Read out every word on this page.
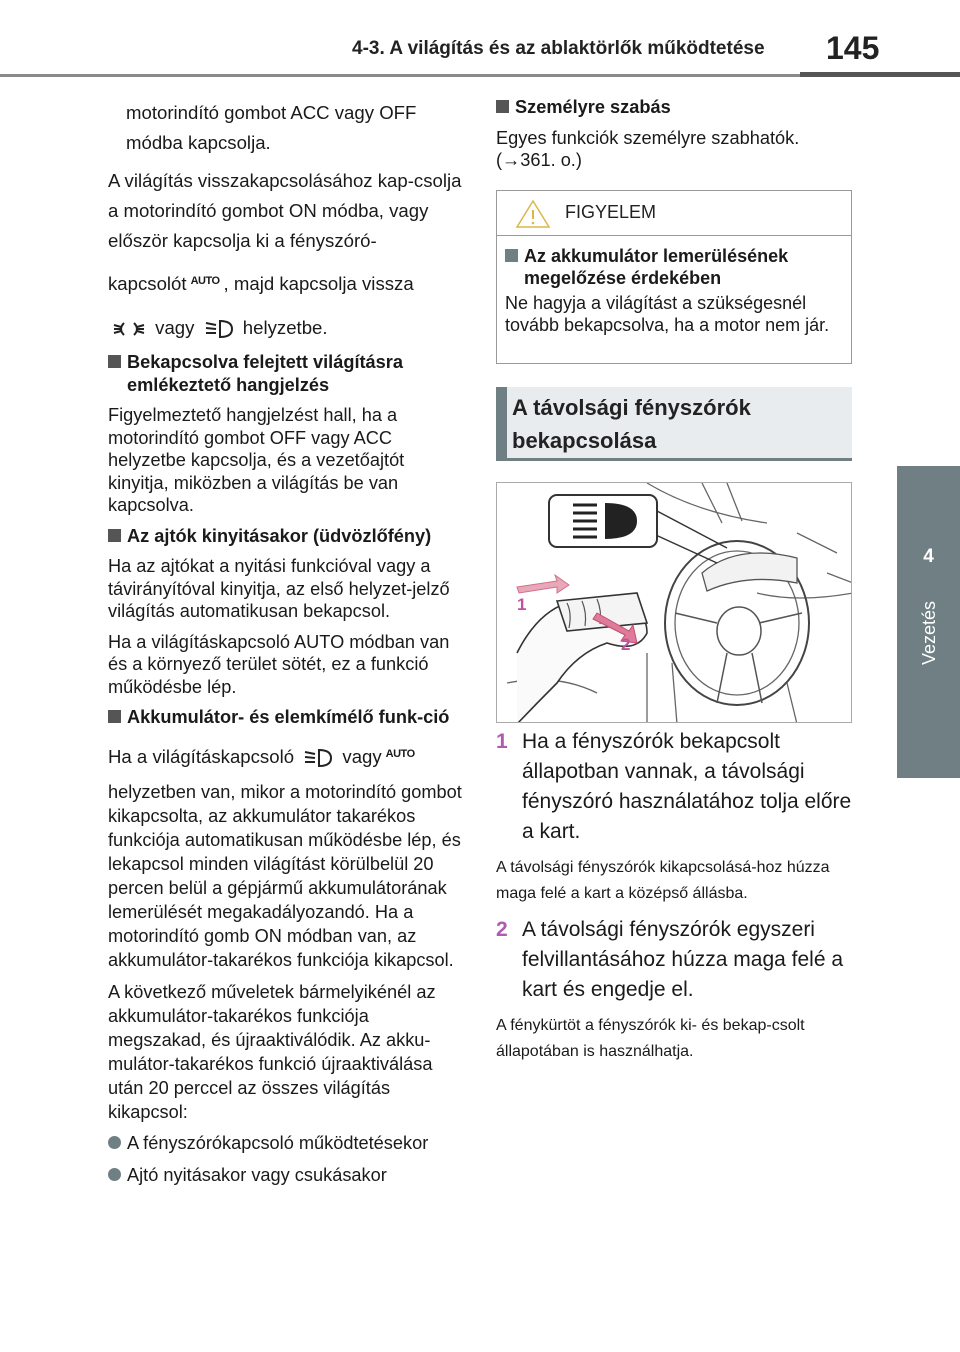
4-3. A világítás és az ablaktörlők működtetése 145
4
Vezetés

motorindító gombot ACC vagy OFF módba kapcsolja.

A világítás visszakapcsolásához kap-csolja a motorindító gombot ON módba, vagy először kapcsolja ki a fényszóró-

kapcsolót $^{AUTO}$ , majd kapcsolja vissza

vagy	helyzetbe.

Bekapcsolva felejtett világításra emlékeztető hangjelzés

Figyelmeztető hangjelzést hall, ha a motorindító gombot OFF vagy ACC helyzetbe kapcsolja, és a vezetőajtót kinyitja, miközben a világítás be van kapcsolva.

Az ajtók kinyitásakor (üdvözlőfény)

Ha az ajtókat a nyitási funkcióval vagy a távirányítóval kinyitja, az első helyzet-jelző világítás automatikusan bekapcsol.

Ha a világításkapcsoló AUTO módban van és a környező terület sötét, ez a funkció működésbe lép.

Akkumulátor- és elemkímélő funk-ció

Ha a világításkapcsoló	vagy $^{AUTO}$

helyzetben van, mikor a motorindító gombot kikapcsolta, az akkumulátor takarékos funkciója automatikusan működésbe lép, és lekapcsol minden világítást körülbelül 20 percen belül a gépjármű akkumulátorának lemerülését megakadályozandó. Ha a motorindító gomb ON módban van, az akkumulátor-takarékos funkciója kikapcsol.

A következő műveletek bármelyikénél az akkumulátor-takarékos funkciója megszakad, és újraaktiválódik. Az akku-mulátor-takarékos funkció újraaktiválása után 20 perccel az összes világítás kikapcsol:

A fényszórókapcsoló működtetésekor
Ajtó nyitásakor vagy csukásakor
Személyre szabás

Egyes funkciók személyre szabhatók. (→361. o.)

FIGYELEM
Az akkumulátor lemerülésének megelőzése érdekében
Ne hagyja a világítást a szükségesnél tovább bekapcsolva, ha a motor nem jár.
A távolsági fényszórók bekapcsolása
1
2
1 Ha a fényszórók bekapcsolt állapotban vannak, a távolsági fényszóró használatához tolja előre a kart.
A távolsági fényszórók kikapcsolásá-hoz húzza maga felé a kart a középső állásba.
2 A távolsági fényszórók egyszeri felvillantásához húzza maga felé a kart és engedje el.
A fénykürtöt a fényszórók ki- és bekap-csolt állapotában is használhatja.
